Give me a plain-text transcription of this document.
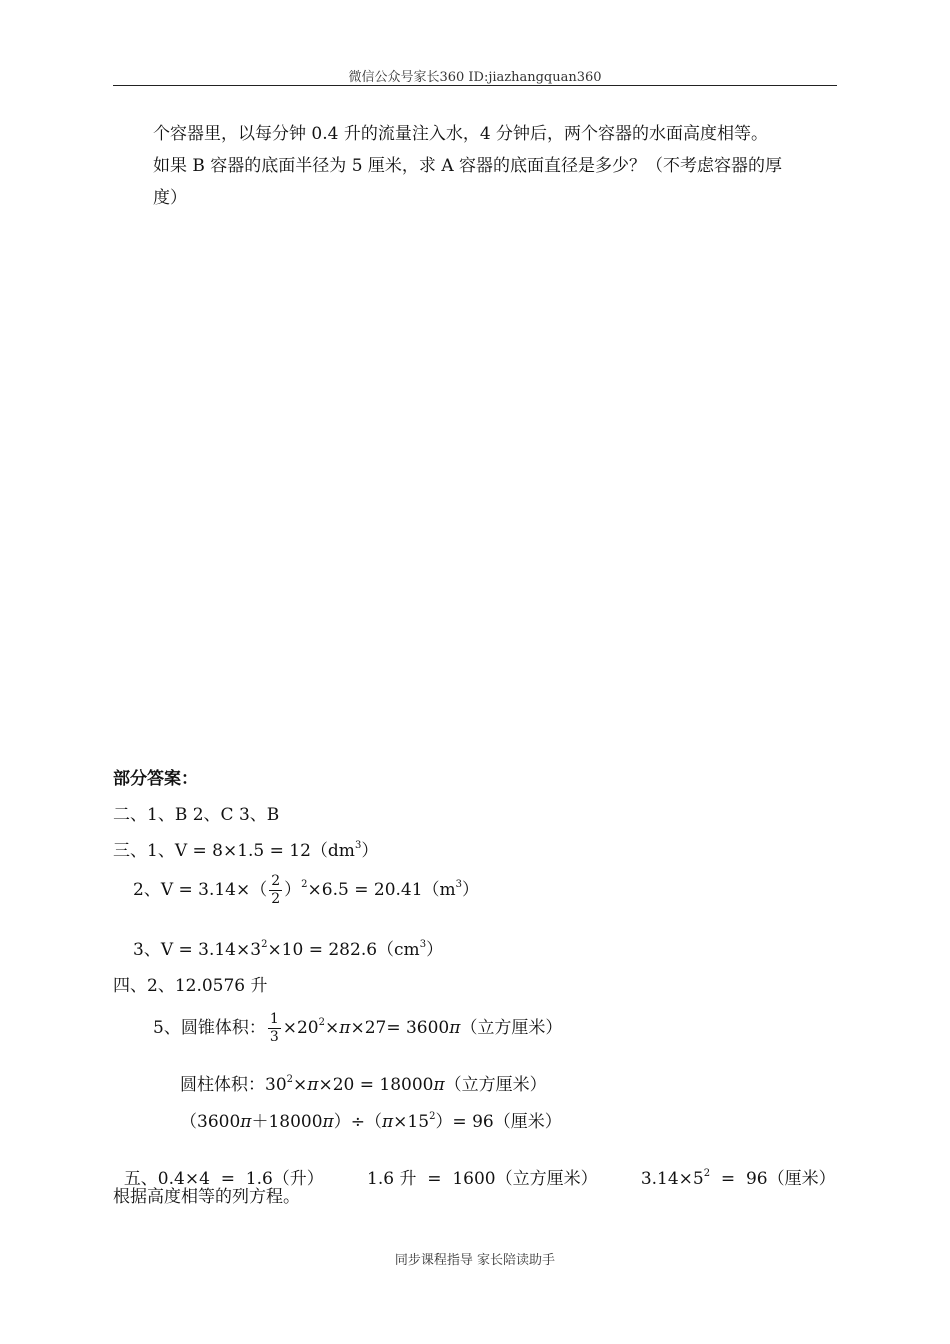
微信公众号家长360 ID:jiazhangquan360
个容器里，以每分钟 0.4 升的流量注入水，4 分钟后，两个容器的水面高度相等。
如果 B 容器的底面半径为 5 厘米，求 A 容器的底面直径是多少？（不考虑容器的厚
度）
部分答案：
二、1、B 2、C 3、B
三、1、$V = 8\times 1.5 = 12(dm^3)$
2、$V = 3.14\times( \frac{2}{2} )^2\times 6.5 = 20.41(m^3)$
3、$V = 3.14\times 3^2\times 10 = 282.6(cm^3)$
四、2、12.0576 升
5、圆锥体积： $\frac{1}{3} \times 20^2\times\pi\times 27= 3600\pi$（立方厘米）
圆柱体积：$30^2\times\pi\times 20 = 18000\pi$（立方厘米）
$(3600\pi+18000\pi)\div(\pi\times 15^2)= 96$（厘米）

五、0.4×4  =  1.6（升）        1.6 升  =  1600（立方厘米）        $3.14\times 5^2 = 96$（厘米）

根据高度相等的列方程。
同步课程指导 家长陪读助手
